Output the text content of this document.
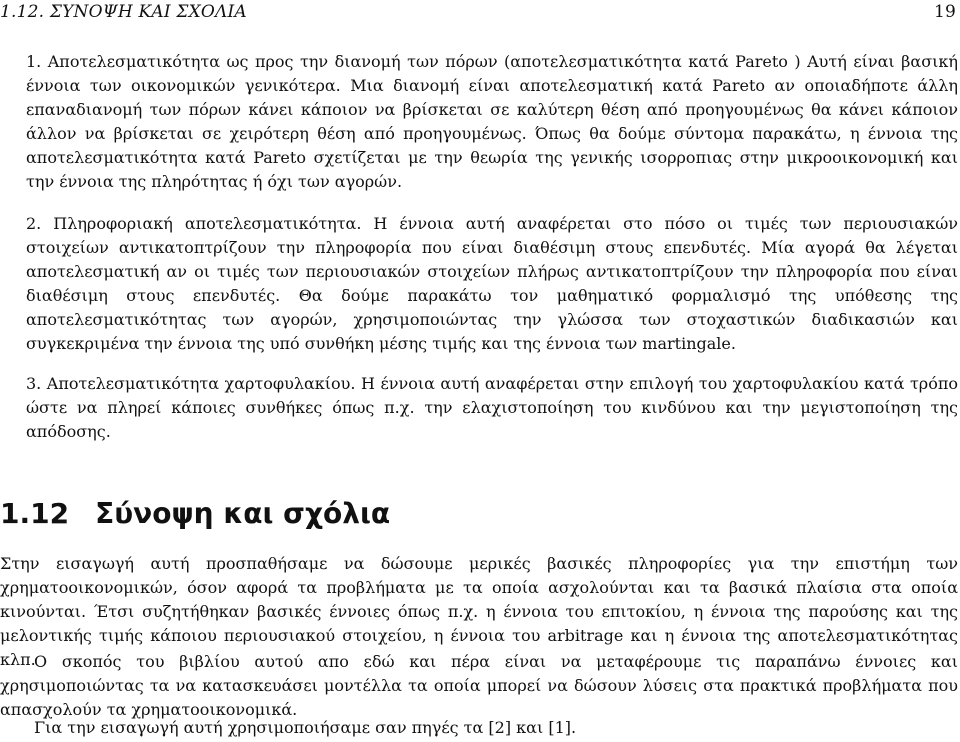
1.12. ΣΥΝΟΨΗ ΚΑΙ ΣΧΟΛΙΑ	19
1. Αποτελεσματικότητα ως προς την διανομή των πόρων (αποτελεσματικότητα κατά Pareto ) Αυτή είναι βασική έννοια των οικονομικών γενικότερα. Μια διανομή είναι αποτελεσματική κατά Pareto αν οποιαδήποτε άλλη επαναδιανομή των πόρων κάνει κάποιον να βρίσκεται σε καλύτερη θέση από προηγουμένως θα κάνει κάποιον άλλον να βρίσκεται σε χειρότερη θέση από προηγουμένως. Όπως θα δούμε σύντομα παρακάτω, η έννοια της αποτελεσματικότητα κατά Pareto σχετίζεται με την θεωρία της γενικής ισορροπιας στην μικροοικονομική και την έννοια της πληρότητας ή όχι των αγορών.
2. Πληροφοριακή αποτελεσματικότητα. Η έννοια αυτή αναφέρεται στο πόσο οι τιμές των περιουσιακών στοιχείων αντικατοπτρίζουν την πληροφορία που είναι διαθέσιμη στους επενδυτές. Μία αγορά θα λέγεται αποτελεσματική αν οι τιμές των περιουσιακών στοιχείων πλήρως αντικατοπτρίζουν την πληροφορία που είναι διαθέσιμη στους επενδυτές. Θα δούμε παρακάτω τον μαθηματικό φορμαλισμό της υπόθεσης της αποτελεσματικότητας των αγορών, χρησιμοποιώντας την γλώσσα των στοχαστικών διαδικασιών και συγκεκριμένα την έννοια της υπό συνθήκη μέσης τιμής και της έννοια των martingale.
3. Αποτελεσματικότητα χαρτοφυλακίου. Η έννοια αυτή αναφέρεται στην επιλογή του χαρτοφυλακίου κατά τρόπο ώστε να πληρεί κάποιες συνθήκες όπως π.χ. την ελαχιστοποίηση του κινδύνου και την μεγιστοποίηση της απόδοσης.
1.12 Σύνοψη και σχόλια
Στην εισαγωγή αυτή προσπαθήσαμε να δώσουμε μερικές βασικές πληροφορίες για την επιστήμη των χρηματοοικονομικών, όσον αφορά τα προβλήματα με τα οποία ασχολούνται και τα βασικά πλαίσια στα οποία κινούνται. Έτσι συζητήθηκαν βασικές έννοιες όπως π.χ. η έννοια του επιτοκίου, η έννοια της παρούσης και της μελοντικής τιμής κάποιου περιουσιακού στοιχείου, η έννοια του arbitrage και η έννοια της αποτελεσματικότητας κλπ.
Ο σκοπός του βιβλίου αυτού απο εδώ και πέρα είναι να μεταφέρουμε τις παραπάνω έννοιες και χρησιμοποιώντας τα να κατασκευάσει μοντέλλα τα οποία μπορεί να δώσουν λύσεις στα πρακτικά προβλήματα που απασχολούν τα χρηματοοικονομικά.
Για την εισαγωγή αυτή χρησιμοποιήσαμε σαν πηγές τα [2] και [1].
